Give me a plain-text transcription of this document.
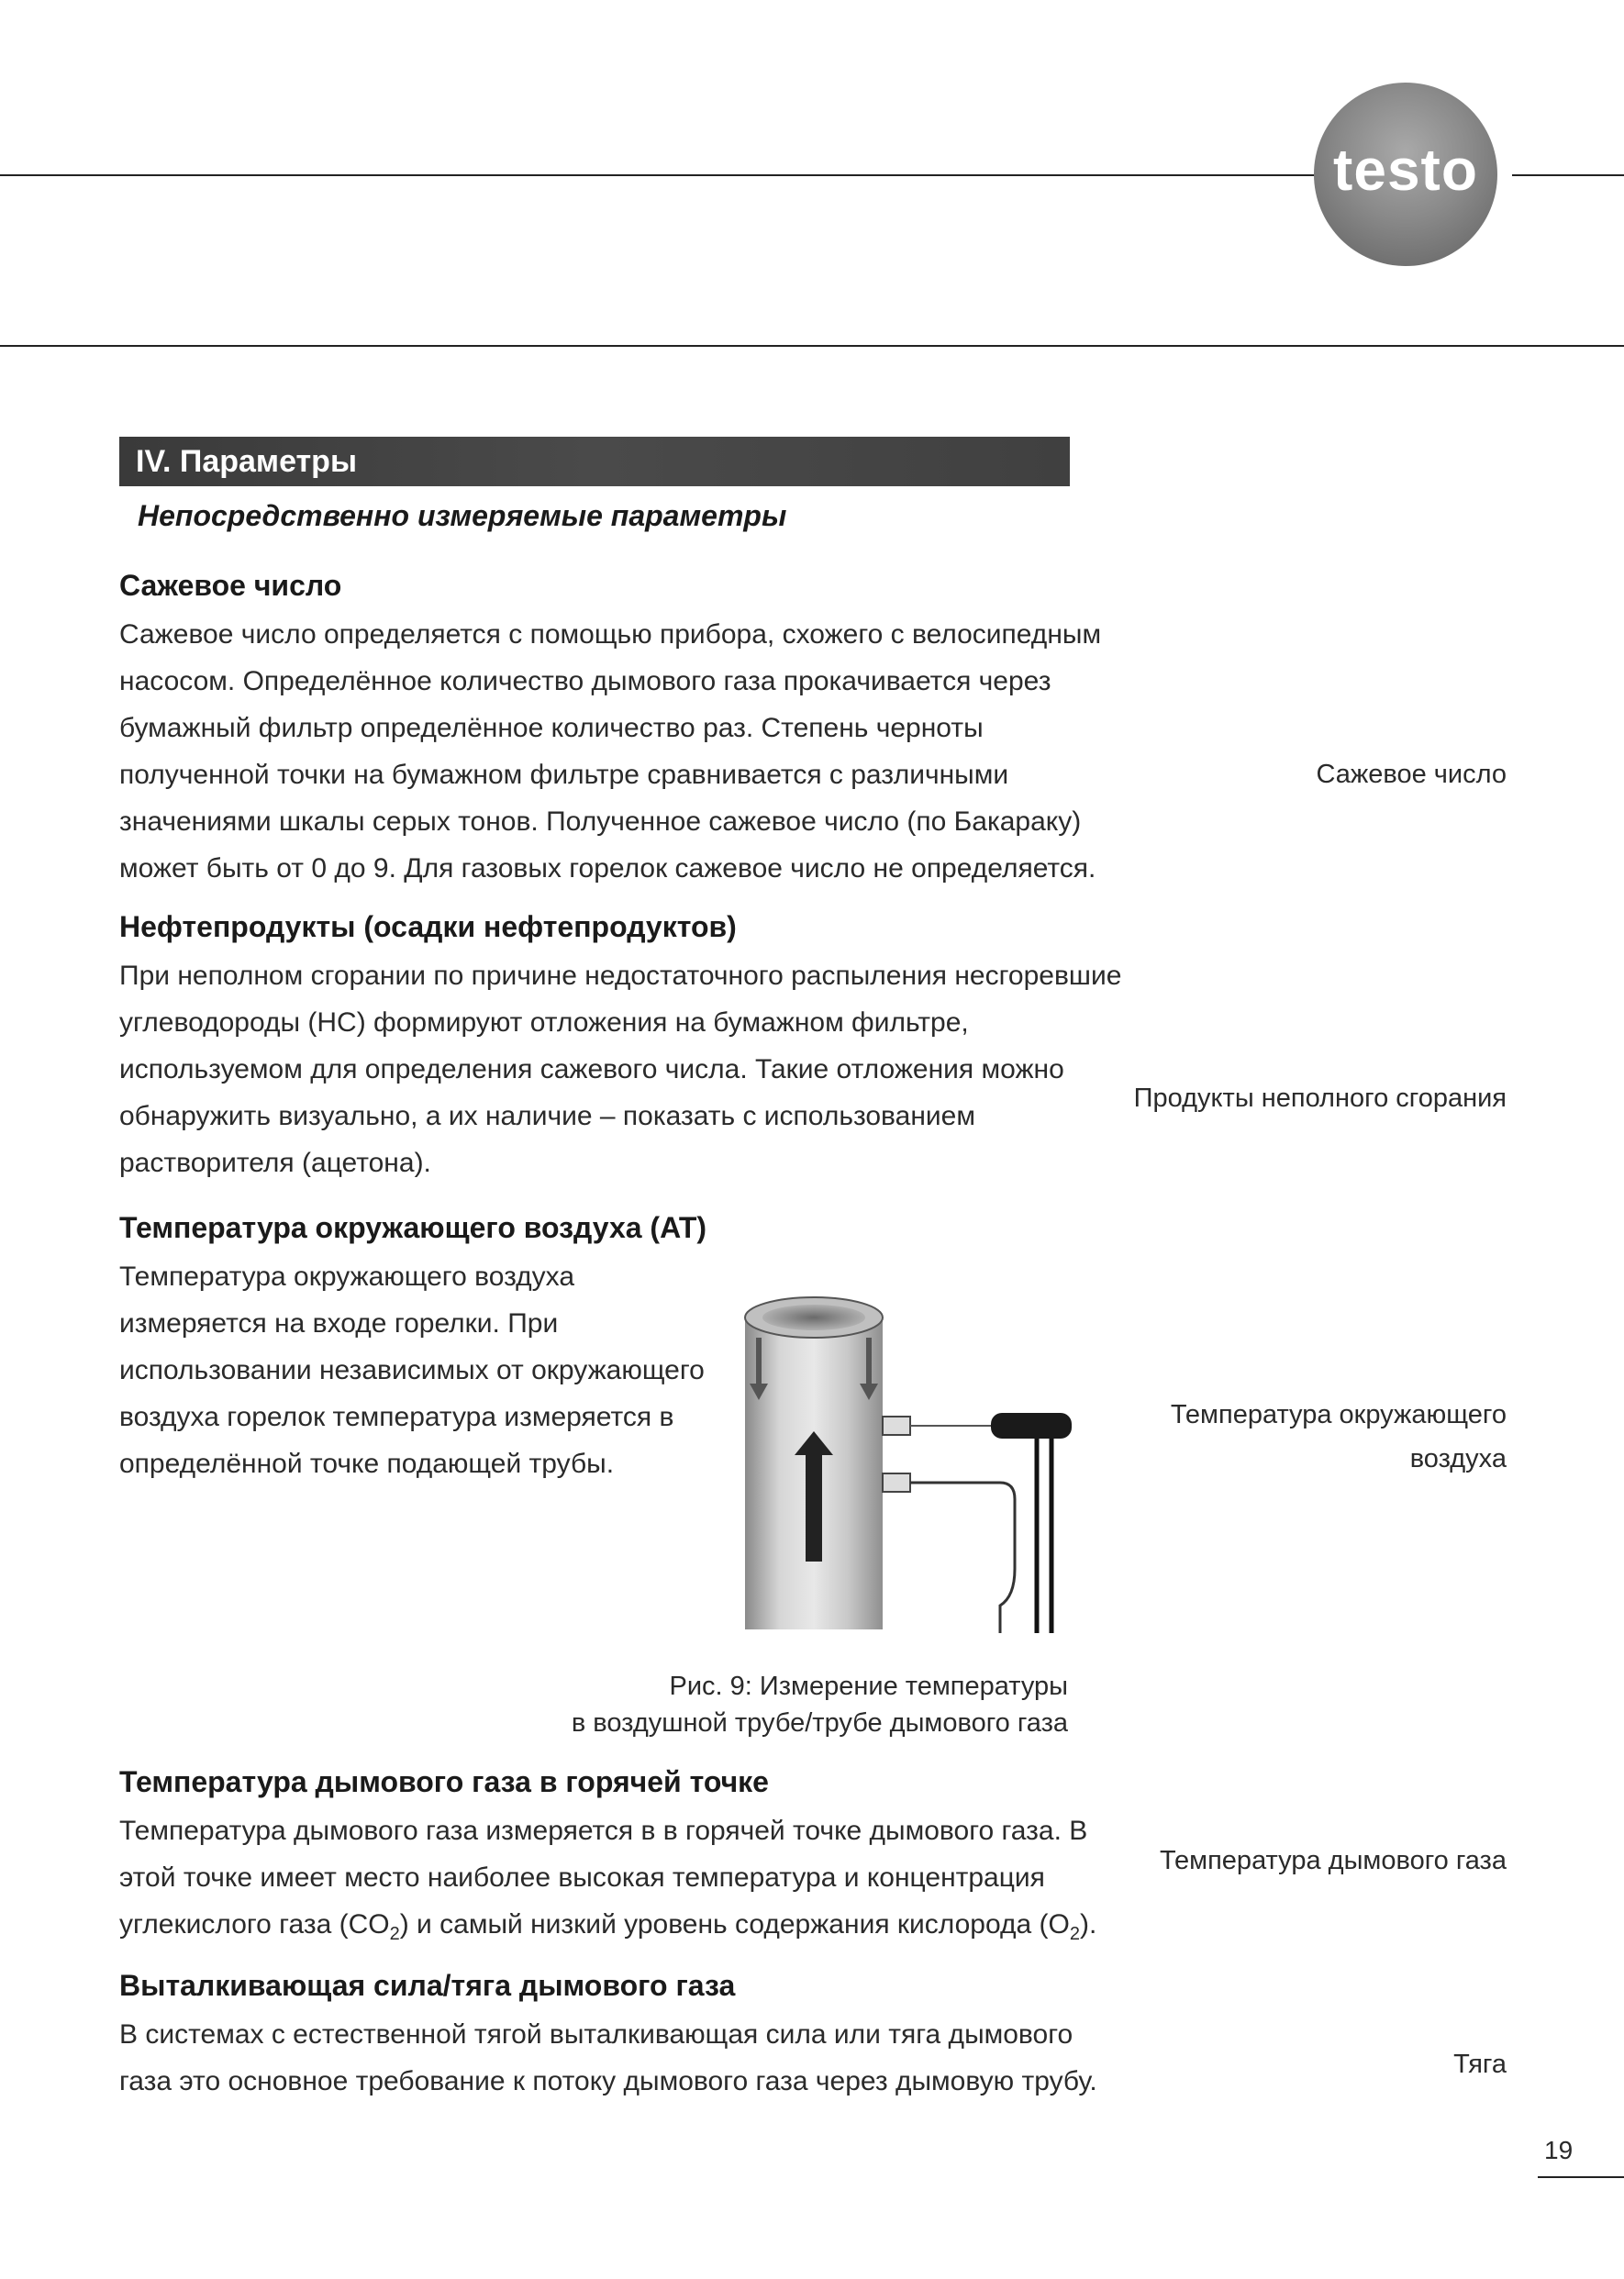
testo
IV. Параметры
Непосредственно измеряемые параметры
Сажевое число
Сажевое число определяется с помощью прибора, схожего с велосипедным
насосом. Определённое количество дымового газа прокачивается через
бумажный фильтр определённое количество раз. Степень черноты
полученной точки на бумажном фильтре сравнивается с различными
значениями шкалы серых тонов. Полученное сажевое число (по Бакараку)
может быть от 0 до 9. Для газовых горелок сажевое число не определяется.
Сажевое число
Нефтепродукты (осадки нефтепродуктов)
При неполном сгорании по причине недостаточного распыления несгоревшие
углеводороды (НС) формируют отложения на бумажном фильтре,
используемом для определения сажевого числа. Такие отложения можно
обнаружить визуально, а их наличие – показать с использованием
растворителя (ацетона).
Продукты неполного сгорания
Температура окружающего воздуха (AT)
Температура окружающего воздуха
измеряется на входе горелки. При
использовании независимых от окружающего
воздуха горелок температура измеряется в
определённой точке подающей трубы.
Температура окружающего
воздуха
Рис. 9: Измерение температуры
в воздушной трубе/трубе дымового газа
Температура дымового газа в горячей точке
Температура дымового газа измеряется в в горячей точке дымового газа. В
этой точке имеет место наиболее высокая температура и концентрация
углекислого газа $(CO_2)$ и самый низкий уровень содержания кислорода $(O_2)$.
Температура дымового газа
Выталкивающая сила/тяга дымового газа
В системах с естественной тягой выталкивающая сила или тяга дымового
газа это основное требование к потоку дымового газа через дымовую трубу.
Тяга
19
